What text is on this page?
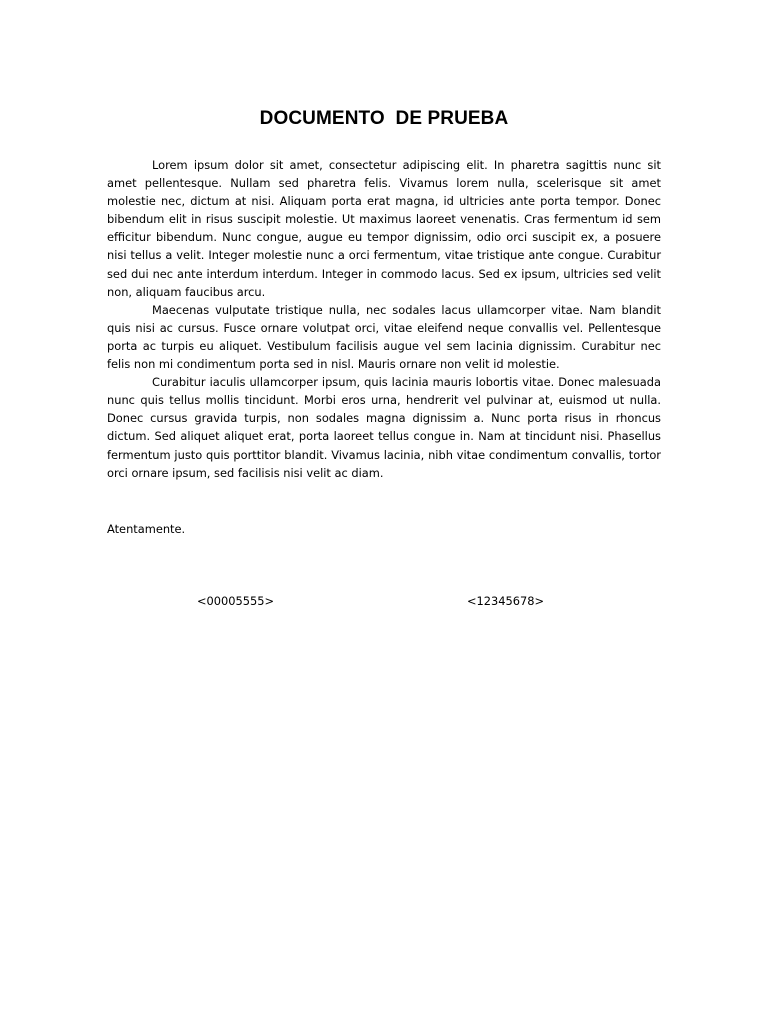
DOCUMENTO  DE PRUEBA

Lorem ipsum dolor sit amet, consectetur adipiscing elit. In pharetra sagittis nunc sit amet pellentesque. Nullam sed pharetra felis. Vivamus lorem nulla, scelerisque sit amet molestie nec, dictum at nisi. Aliquam porta erat magna, id ultricies ante porta tempor. Donec bibendum elit in risus suscipit molestie. Ut maximus laoreet venenatis. Cras fermentum id sem efficitur bibendum. Nunc congue, augue eu tempor dignissim, odio orci suscipit ex, a posuere nisi tellus a velit. Integer molestie nunc a orci fermentum, vitae tristique ante congue. Curabitur sed dui nec ante interdum interdum. Integer in commodo lacus. Sed ex ipsum, ultricies sed velit non, aliquam faucibus arcu.

Maecenas vulputate tristique nulla, nec sodales lacus ullamcorper vitae. Nam blandit quis nisi ac cursus. Fusce ornare volutpat orci, vitae eleifend neque convallis vel. Pellentesque porta ac turpis eu aliquet. Vestibulum facilisis augue vel sem lacinia dignissim. Curabitur nec felis non mi condimentum porta sed in nisl. Mauris ornare non velit id molestie.

Curabitur iaculis ullamcorper ipsum, quis lacinia mauris lobortis vitae. Donec malesuada nunc quis tellus mollis tincidunt. Morbi eros urna, hendrerit vel pulvinar at, euismod ut nulla. Donec cursus gravida turpis, non sodales magna dignissim a. Nunc porta risus in rhoncus dictum. Sed aliquet aliquet erat, porta laoreet tellus congue in. Nam at tincidunt nisi. Phasellus fermentum justo quis porttitor blandit. Vivamus lacinia, nibh vitae condimentum convallis, tortor orci ornare ipsum, sed facilisis nisi velit ac diam.

Atentamente.
<00005555>	<12345678>
